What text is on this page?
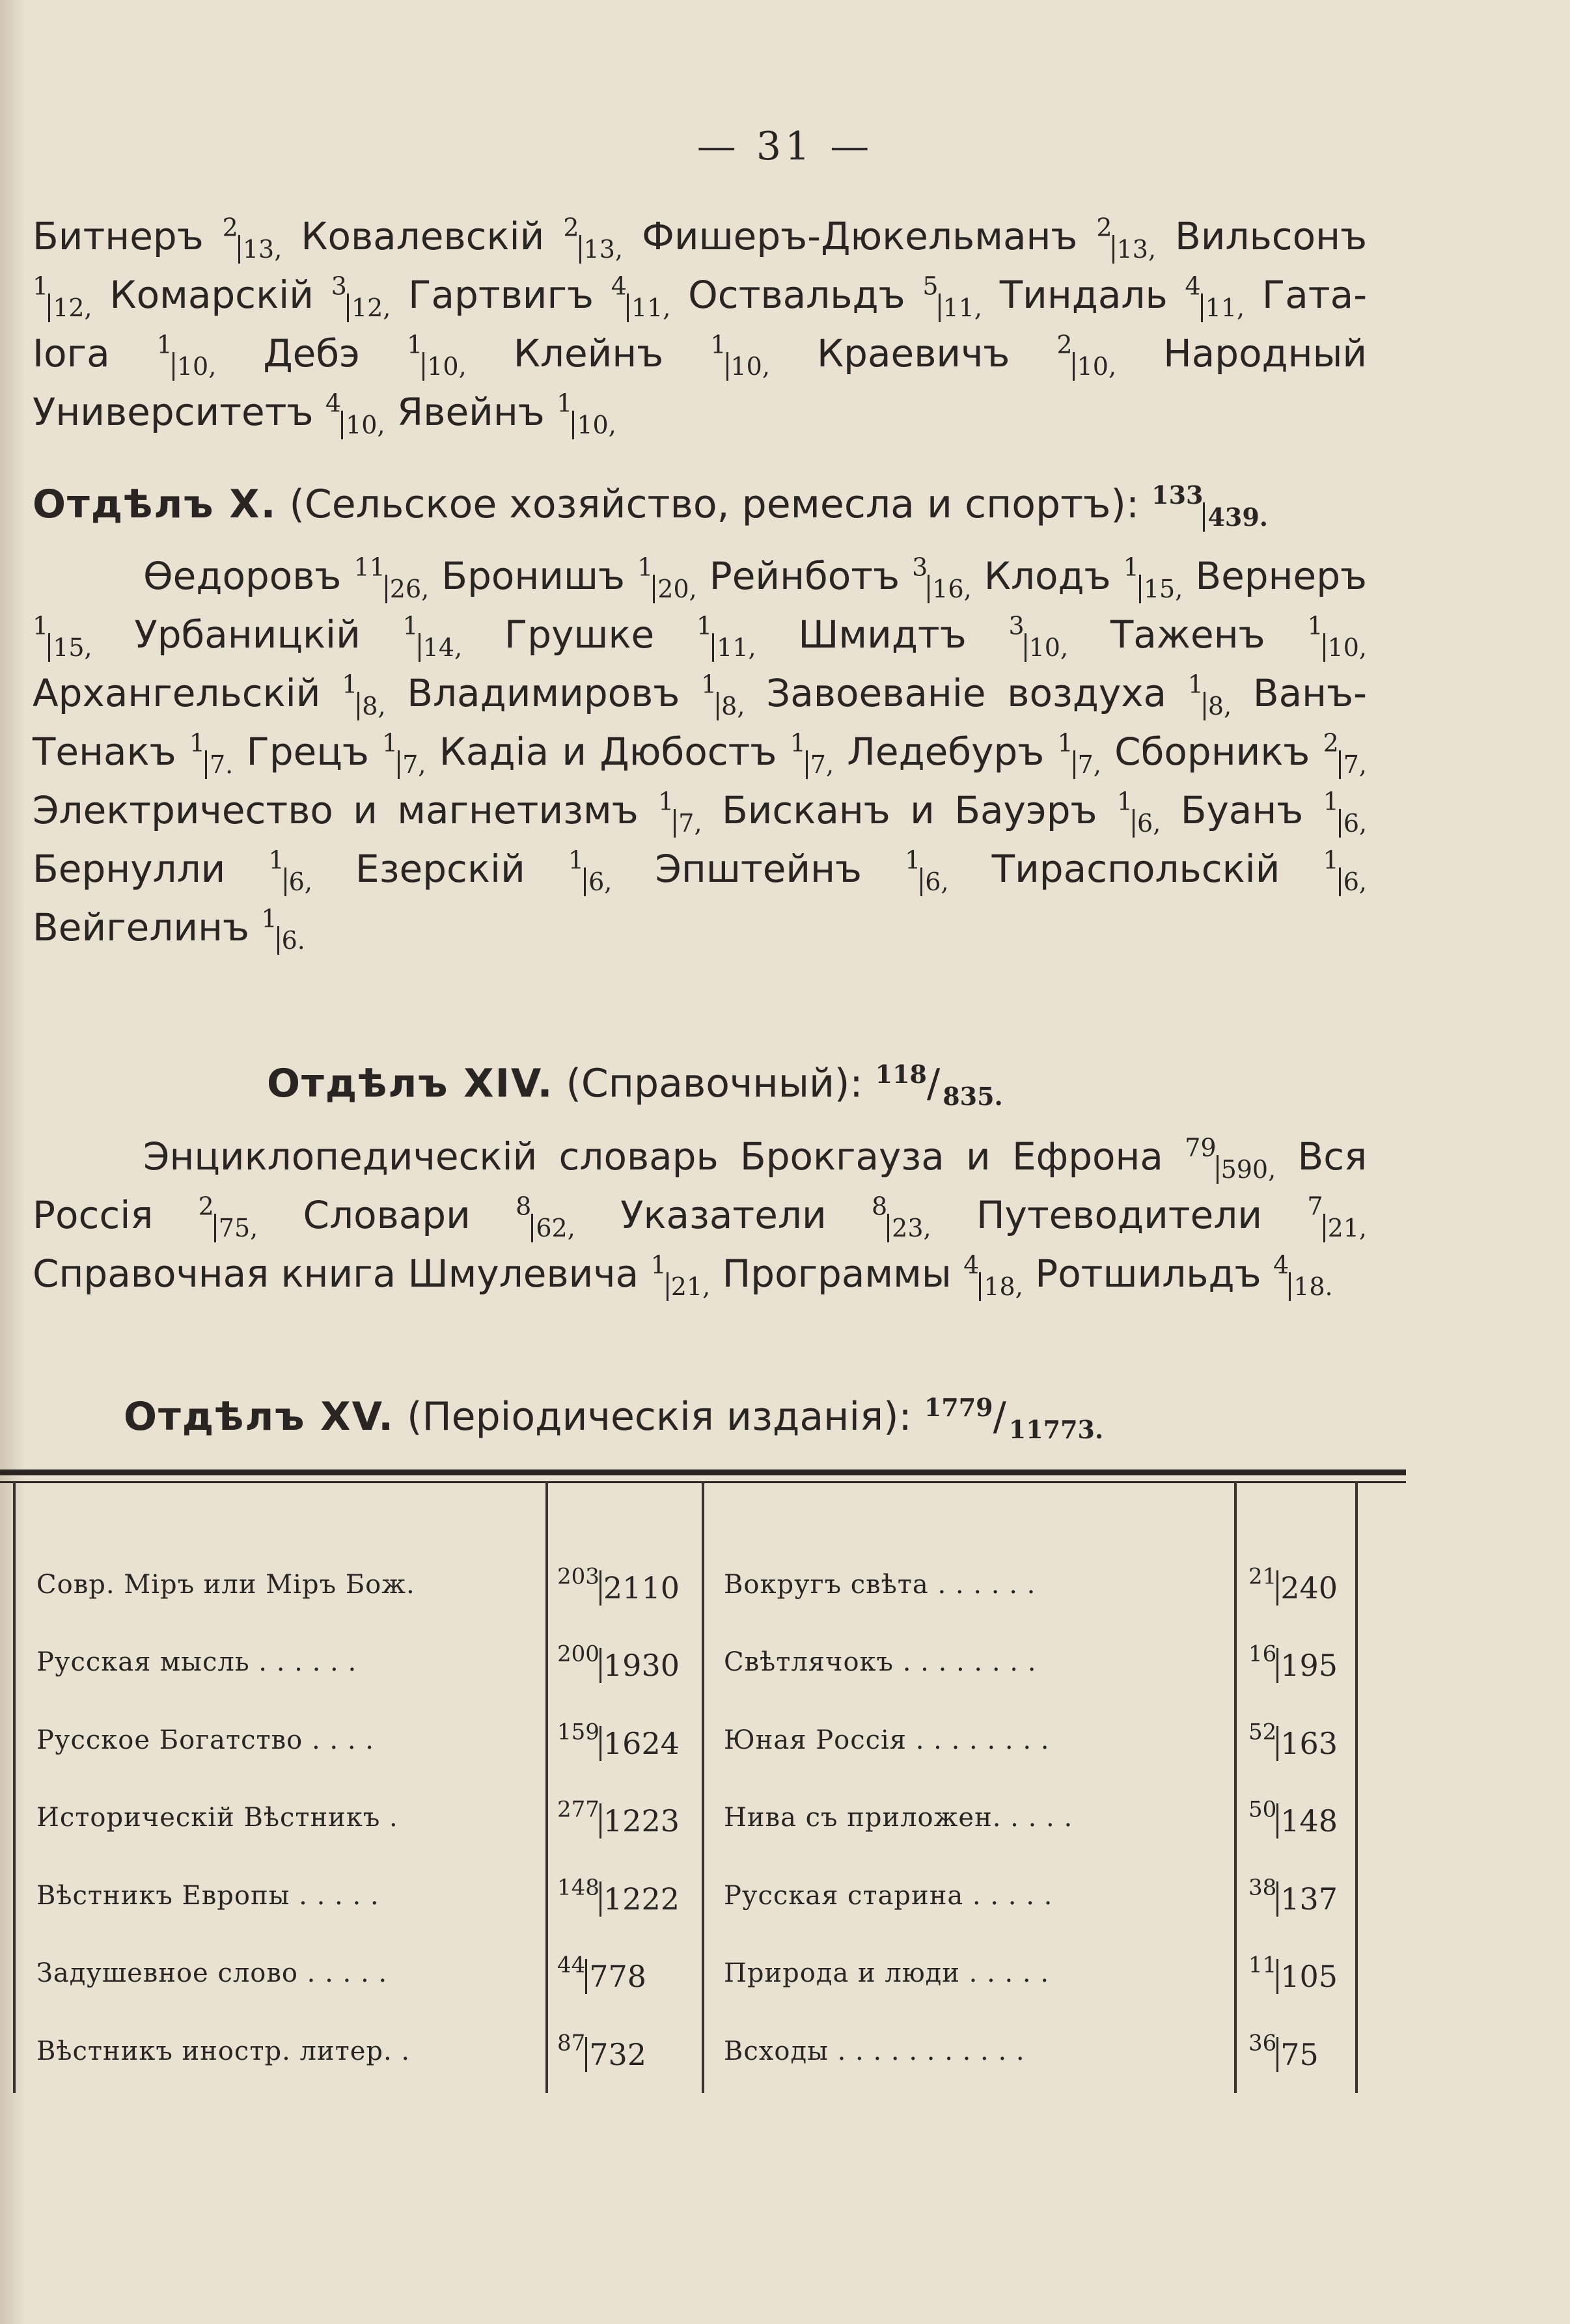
— 31 —
Битнеръ $^2_{13,}$ Ковалевскій $^2_{13,}$ Фишеръ-Дюкельманъ $^2_{13,}$ Вильсонъ $^1_{12,}$ Комарскій $^3_{12,}$ Гартвигъ $^4_{11,}$ Оствальдъ $^5_{11,}$ Тиндаль $^4_{11,}$ Гата-Іога $^1_{10,}$ Дебэ $^1_{10,}$ Клейнъ $^1_{10,}$ Краевичъ $^2_{10,}$ Народный Университетъ $^4_{10,}$ Явейнъ $^1_{10,}$
Отдѣлъ X. (Сельское хозяйство, ремесла и спортъ): $^{133}_{439.}$
Ѳедоровъ $^{11}_{26,}$ Бронишъ $^1_{20,}$ Рейнботъ $^3_{16,}$ Клодъ $^1_{15,}$ Вернеръ $^1_{15,}$ Урбаницкій $^1_{14,}$ Грушке $^1_{11,}$ Шмидтъ $^3_{10,}$ Таженъ $^1_{10,}$ Архангельскій $^1_{8,}$ Владимировъ $^1_{8,}$ Завоеваніе воздуха $^1_{8,}$ Ванъ-Тенакъ $^1_{7.}$ Грецъ $^1_{7,}$ Кадіа и Дюбостъ $^1_{7,}$ Ледебуръ $^1_{7,}$ Сборникъ $^2_{7,}$ Электричество и магнетизмъ $^1_{7,}$ Бисканъ и Бауэръ $^1_{6,}$ Буанъ $^1_{6,}$ Бернулли $^1_{6,}$ Езерскій $^1_{6,}$ Эпштейнъ $^1_{6,}$ Тираспольскій $^1_{6,}$ Вейгелинъ $^1_{6.}$
Отдѣлъ XIV. (Справочный): $^{118}$/ $_{835.}$
Энциклопедическій словарь Брокгауза и Ефрона $^{79}_{590,}$ Вся Россія $^2_{75,}$ Словари $^8_{62,}$ Указатели $^8_{23,}$ Путеводители $^7_{21,}$ Справочная книга Шмулевича $^1_{21,}$ Программы $^4_{18,}$ Ротшильдъ $^4_{18.}$
Отдѣлъ XV. (Періодическія изданія): $^{1779}$/ $_{11773.}$
Совр. Міръ или Міръ Бож.	$^{203}$ $_{2110}$
Русская мысль . . . . . .	$^{200}$ $_{1930}$
Русское Богатство . . . .	$^{159}$ $_{1624}$
Историческій Вѣстникъ .	$^{277}$ $_{1223}$
Вѣстникъ Европы . . . . .	$^{148}$ $_{1222}$
Задушевное слово . . . . .	$^{44}$ $_{778}$
Вѣстникъ иностр. литер. .	$^{87}$ $_{732}$
Вокругъ свѣта . . . . . .	$^{21}$ $_{240}$
Свѣтлячокъ . . . . . . . .	$^{16}$ $_{195}$
Юная Россія . . . . . . . .	$^{52}$ $_{163}$
Нива съ приложен. . . . .	$^{50}$ $_{148}$
Русская старина . . . . .	$^{38}$ $_{137}$
Природа и люди . . . . .	$^{11}$ $_{105}$
Всходы . . . . . . . . . . .	$^{36}$ $_{75}$
